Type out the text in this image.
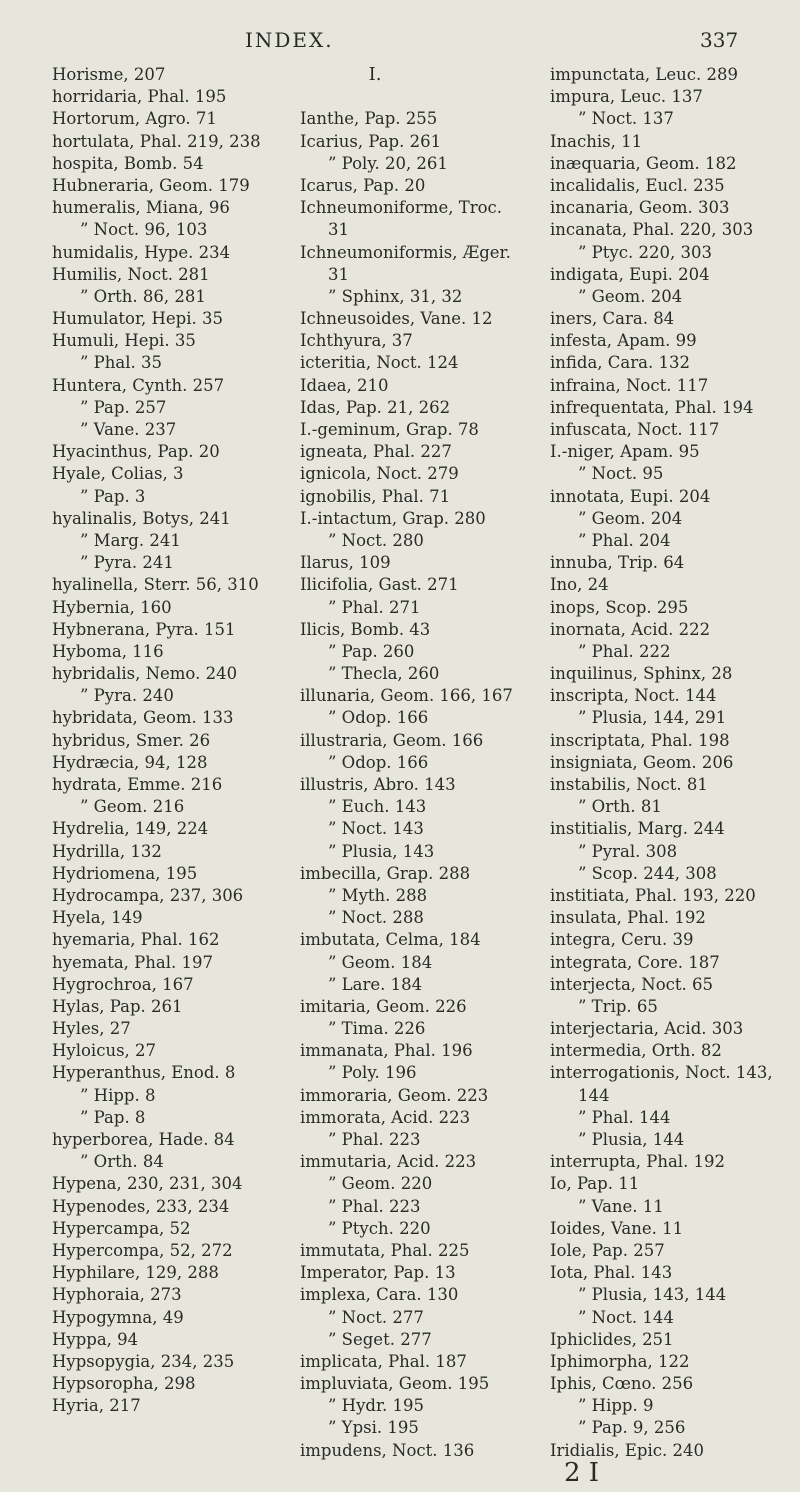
INDEX.	337
Horisme, 207
horridaria, Phal. 195
Hortorum, Agro. 71
hortulata, Phal. 219, 238
hospita, Bomb. 54
Hubneraria, Geom. 179
humeralis, Miana, 96
” Noct. 96, 103
humidalis, Hype. 234
Humilis, Noct. 281
” Orth. 86, 281
Humulator, Hepi. 35
Humuli, Hepi. 35
” Phal. 35
Huntera, Cynth. 257
” Pap. 257
” Vane. 237
Hyacinthus, Pap. 20
Hyale, Colias, 3
” Pap. 3
hyalinalis, Botys, 241
” Marg. 241
” Pyra. 241
hyalinella, Sterr. 56, 310
Hybernia, 160
Hybnerana, Pyra. 151
Hyboma, 116
hybridalis, Nemo. 240
” Pyra. 240
hybridata, Geom. 133
hybridus, Smer. 26
Hydræcia, 94, 128
hydrata, Emme. 216
” Geom. 216
Hydrelia, 149, 224
Hydrilla, 132
Hydriomena, 195
Hydrocampa, 237, 306
Hyela, 149
hyemaria, Phal. 162
hyemata, Phal. 197
Hygrochroa, 167
Hylas, Pap. 261
Hyles, 27
Hyloicus, 27
Hyperanthus, Enod. 8
” Hipp. 8
” Pap. 8
hyperborea, Hade. 84
” Orth. 84
Hypena, 230, 231, 304
Hypenodes, 233, 234
Hypercampa, 52
Hypercompa, 52, 272
Hyphilare, 129, 288
Hyphoraia, 273
Hypogymna, 49
Hyppa, 94
Hypsopygia, 234, 235
Hypsoropha, 298
Hyria, 217
I.
Ianthe, Pap. 255
Icarius, Pap. 261
” Poly. 20, 261
Icarus, Pap. 20
Ichneumoniforme, Troc.
31
Ichneumoniformis, Æger.
31
” Sphinx, 31, 32
Ichneusoides, Vane. 12
Ichthyura, 37
icteritia, Noct. 124
Idaea, 210
Idas, Pap. 21, 262
I.-geminum, Grap. 78
igneata, Phal. 227
ignicola, Noct. 279
ignobilis, Phal. 71
I.-intactum, Grap. 280
” Noct. 280
Ilarus, 109
Ilicifolia, Gast. 271
” Phal. 271
Ilicis, Bomb. 43
” Pap. 260
” Thecla, 260
illunaria, Geom. 166, 167
” Odop. 166
illustraria, Geom. 166
” Odop. 166
illustris, Abro. 143
” Euch. 143
” Noct. 143
” Plusia, 143
imbecilla, Grap. 288
” Myth. 288
” Noct. 288
imbutata, Celma, 184
” Geom. 184
” Lare. 184
imitaria, Geom. 226
” Tima. 226
immanata, Phal. 196
” Poly. 196
immoraria, Geom. 223
immorata, Acid. 223
” Phal. 223
immutaria, Acid. 223
” Geom. 220
” Phal. 223
” Ptych. 220
immutata, Phal. 225
Imperator, Pap. 13
implexa, Cara. 130
” Noct. 277
” Seget. 277
implicata, Phal. 187
impluviata, Geom. 195
” Hydr. 195
” Ypsi. 195
impudens, Noct. 136
impunctata, Leuc. 289
impura, Leuc. 137
” Noct. 137
Inachis, 11
inæquaria, Geom. 182
incalidalis, Eucl. 235
incanaria, Geom. 303
incanata, Phal. 220, 303
” Ptyc. 220, 303
indigata, Eupi. 204
” Geom. 204
iners, Cara. 84
infesta, Apam. 99
infida, Cara. 132
infraina, Noct. 117
infrequentata, Phal. 194
infuscata, Noct. 117
I.-niger, Apam. 95
” Noct. 95
innotata, Eupi. 204
” Geom. 204
” Phal. 204
innuba, Trip. 64
Ino, 24
inops, Scop. 295
inornata, Acid. 222
” Phal. 222
inquilinus, Sphinx, 28
inscripta, Noct. 144
” Plusia, 144, 291
inscriptata, Phal. 198
insigniata, Geom. 206
instabilis, Noct. 81
” Orth. 81
institialis, Marg. 244
” Pyral. 308
” Scop. 244, 308
institiata, Phal. 193, 220
insulata, Phal. 192
integra, Ceru. 39
integrata, Core. 187
interjecta, Noct. 65
” Trip. 65
interjectaria, Acid. 303
intermedia, Orth. 82
interrogationis, Noct. 143,
144
” Phal. 144
” Plusia, 144
interrupta, Phal. 192
Io, Pap. 11
” Vane. 11
Ioides, Vane. 11
Iole, Pap. 257
Iota, Phal. 143
” Plusia, 143, 144
” Noct. 144
Iphiclides, 251
Iphimorpha, 122
Iphis, Cœno. 256
” Hipp. 9
” Pap. 9, 256
Iridialis, Epic. 240
2 I
